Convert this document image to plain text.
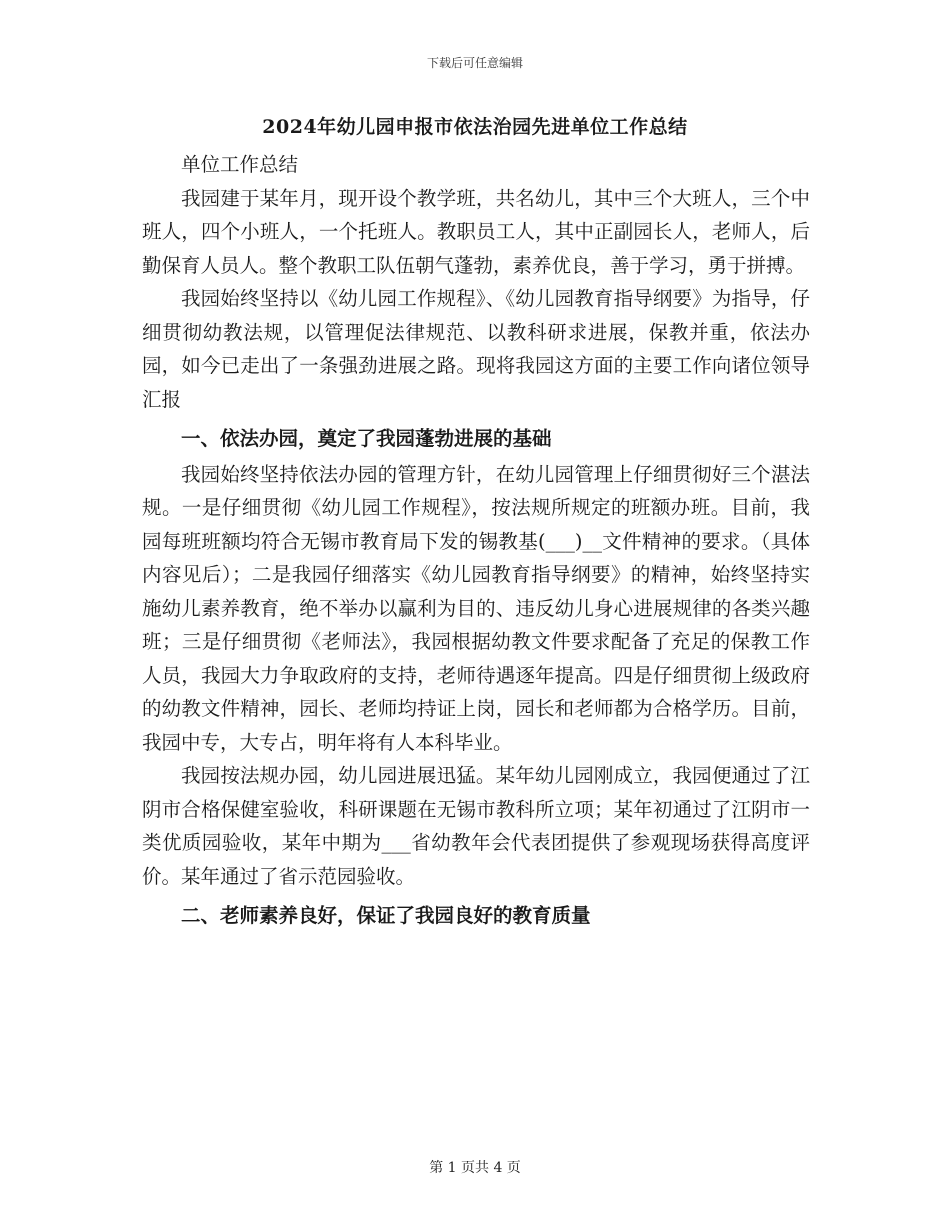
下载后可任意编辑
2024年幼儿园申报市依法治园先进单位工作总结

单位工作总结

我园建于某年月，现开设个教学班，共名幼儿，其中三个大班人，三个中班人，四个小班人，一个托班人。教职员工人，其中正副园长人，老师人，后勤保育人员人。整个教职工队伍朝气蓬勃，素养优良，善于学习，勇于拼搏。

我园始终坚持以《幼儿园工作规程》、《幼儿园教育指导纲要》为指导，仔细贯彻幼教法规，以管理促法律规范、以教科研求进展，保教并重，依法办园，如今已走出了一条强劲进展之路。现将我园这方面的主要工作向诸位领导汇报

一、依法办园，奠定了我园蓬勃进展的基础

我园始终坚持依法办园的管理方针，在幼儿园管理上仔细贯彻好三个湛法规。一是仔细贯彻《幼儿园工作规程》，按法规所规定的班额办班。目前，我园每班班额均符合无锡市教育局下发的锡教基(___)__文件精神的要求。（具体内容见后）；二是我园仔细落实《幼儿园教育指导纲要》的精神，始终坚持实施幼儿素养教育，绝不举办以赢利为目的、违反幼儿身心进展规律的各类兴趣班；三是仔细贯彻《老师法》，我园根据幼教文件要求配备了充足的保教工作人员，我园大力争取政府的支持，老师待遇逐年提高。四是仔细贯彻上级政府的幼教文件精神，园长、老师均持证上岗，园长和老师都为合格学历。目前，我园中专，大专占，明年将有人本科毕业。

我园按法规办园，幼儿园进展迅猛。某年幼儿园刚成立，我园便通过了江阴市合格保健室验收，科研课题在无锡市教科所立项；某年初通过了江阴市一类优质园验收，某年中期为___省幼教年会代表团提供了参观现场获得高度评价。某年通过了省示范园验收。

二、老师素养良好，保证了我园良好的教育质量

第 1 页共 4 页
